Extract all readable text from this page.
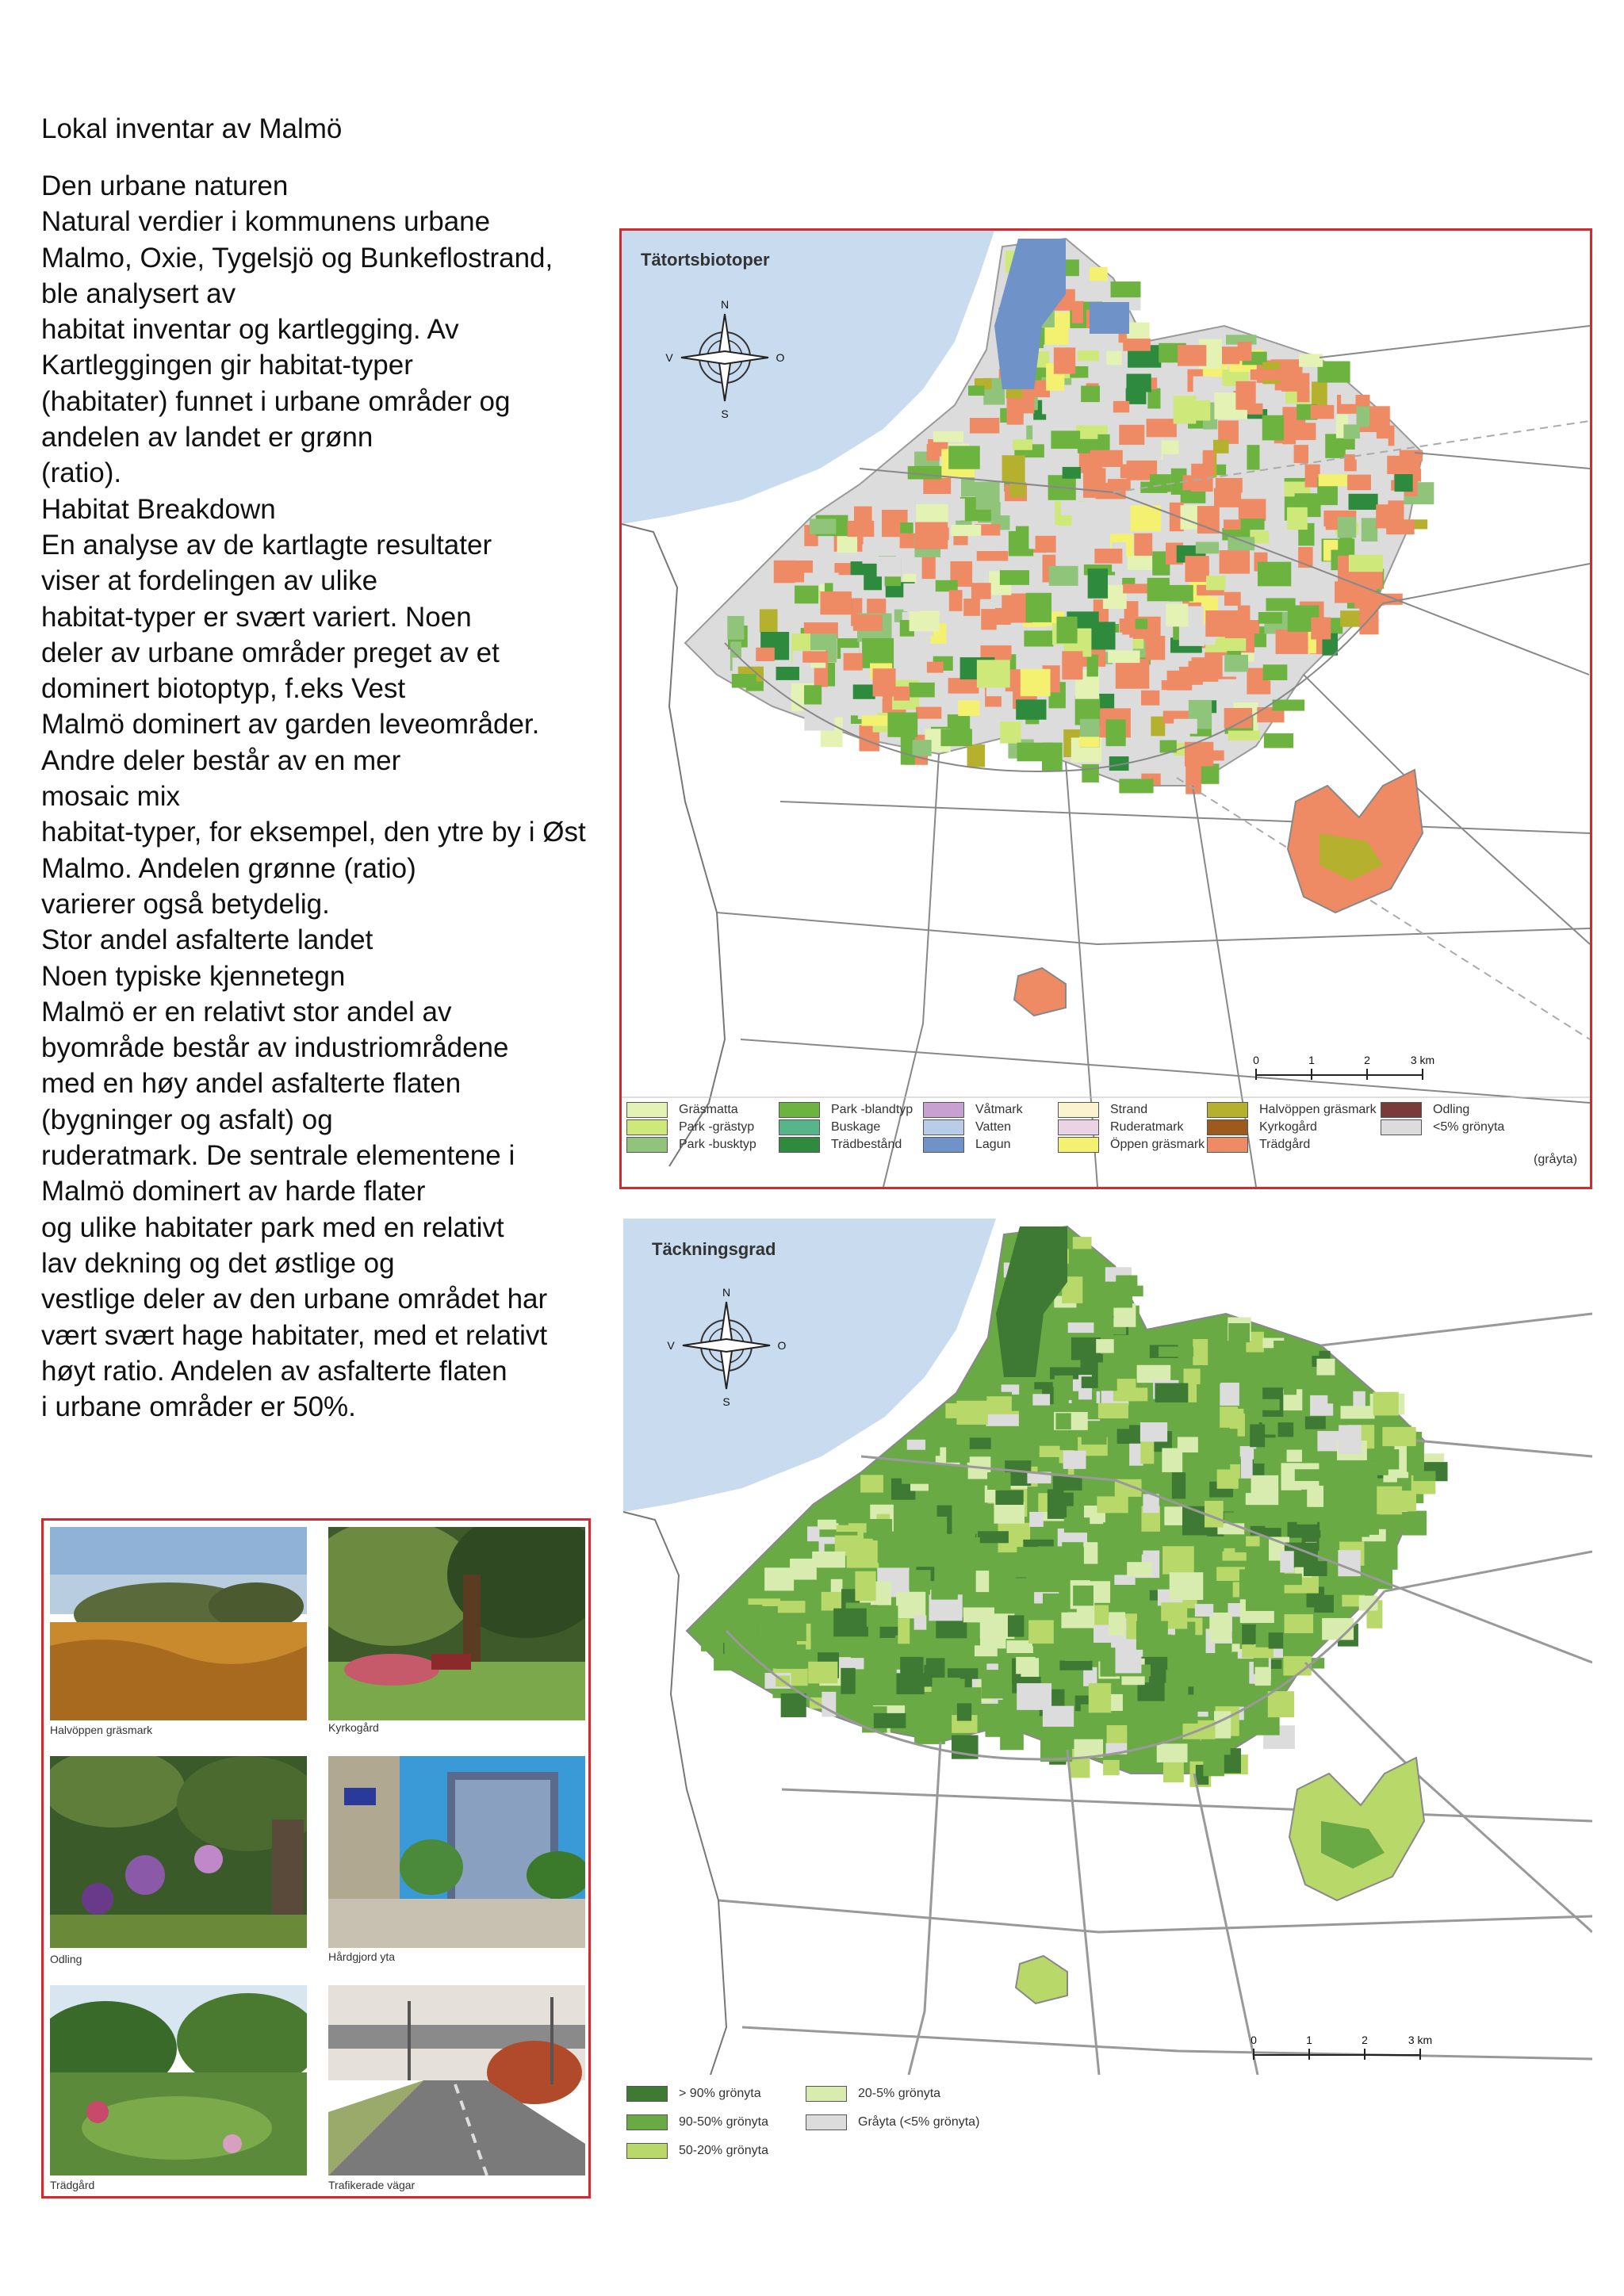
Lokal inventar av Malmö
Den urbane naturen
Natural verdier i kommunens urbane
Malmo, Oxie, Tygelsjö og Bunkeflostrand,
ble analysert av
habitat inventar og kartlegging. Av
Kartleggingen gir habitat-typer
(habitater) funnet i urbane områder og
andelen av landet er grønn
(ratio).
Habitat Breakdown
En analyse av de kartlagte resultater
viser at fordelingen av ulike
habitat-typer er svært variert. Noen
deler av urbane områder preget av et
dominert biotoptyp, f.eks Vest
Malmö dominert av garden leveområder.
Andre deler består av en mer
mosaic mix
habitat-typer, for eksempel, den ytre by i Øst
Malmo. Andelen grønne (ratio)
varierer også betydelig.
Stor andel asfalterte landet
Noen typiske kjennetegn
Malmö er en relativt stor andel av
byområde består av industriområdene
med en høy andel asfalterte flaten
(bygninger og asfalt) og
ruderatmark. De sentrale elementene i
Malmö dominert av harde flater
og ulike habitater park med en relativt
lav dekning og det østlige og
vestlige deler av den urbane området har
vært svært hage habitater, med et relativt
høyt ratio. Andelen av asfalterte flaten
i urbane områder er 50%.
N
S
O
V
0	1	2	3 km
Tätortsbiotoper
Gräsmatta
Park -grästyp
Park -busktyp
Park -blandtyp
Buskage
Trädbestånd
Våtmark
Vatten
Lagun
Strand
Ruderatmark
Öppen gräsmark
Halvöppen gräsmark
Kyrkogård
Trädgård
Odling
<5% grönyta
(gråyta)
N
S
O
V
0	1	2	3 km
Täckningsgrad
> 90% grönyta
90-50% grönyta
50-20% grönyta
20-5% grönyta
Gråyta (<5% grönyta)
Halvöppen gräsmark	Kyrkogård
Odling	Hårdgjord yta
Trädgård	Trafikerade vägar
